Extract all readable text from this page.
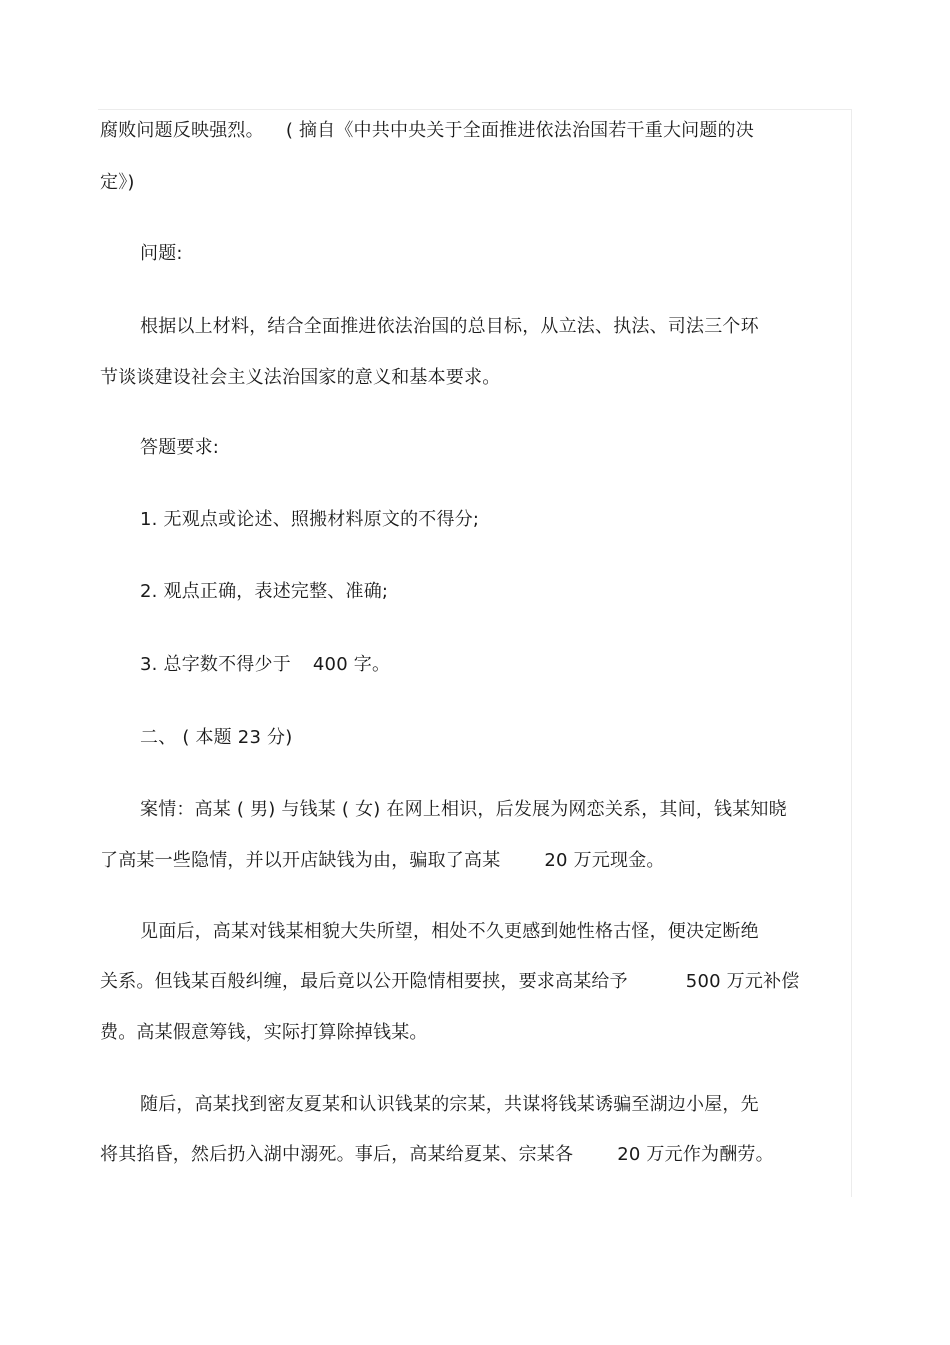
腐败问题反映强烈。 ( 摘自《中共中央关于全面推进依法治国若干重大问题的决
定》)
问题:
根据以上材料，结合全面推进依法治国的总目标，从立法、执法、司法三个环
节谈谈建设社会主义法治国家的意义和基本要求。
答题要求:
1. 无观点或论述、照搬材料原文的不得分;
2. 观点正确，表述完整、准确;
3. 总字数不得少于 400 字。
二、 ( 本题 23 分)
案情：高某 ( 男) 与钱某 ( 女) 在网上相识，后发展为网恋关系，其间，钱某知晓
了高某一些隐情，并以开店缺钱为由，骗取了高某 20 万元现金。
见面后，高某对钱某相貌大失所望，相处不久更感到她性格古怪，便决定断绝
关系。但钱某百般纠缠，最后竟以公开隐情相要挟，要求高某给予	500 万元补偿
费。高某假意筹钱，实际打算除掉钱某。
随后，高某找到密友夏某和认识钱某的宗某，共谋将钱某诱骗至湖边小屋，先
将其掐昏，然后扔入湖中溺死。事后，高某给夏某、宗某各 20 万元作为酬劳。
